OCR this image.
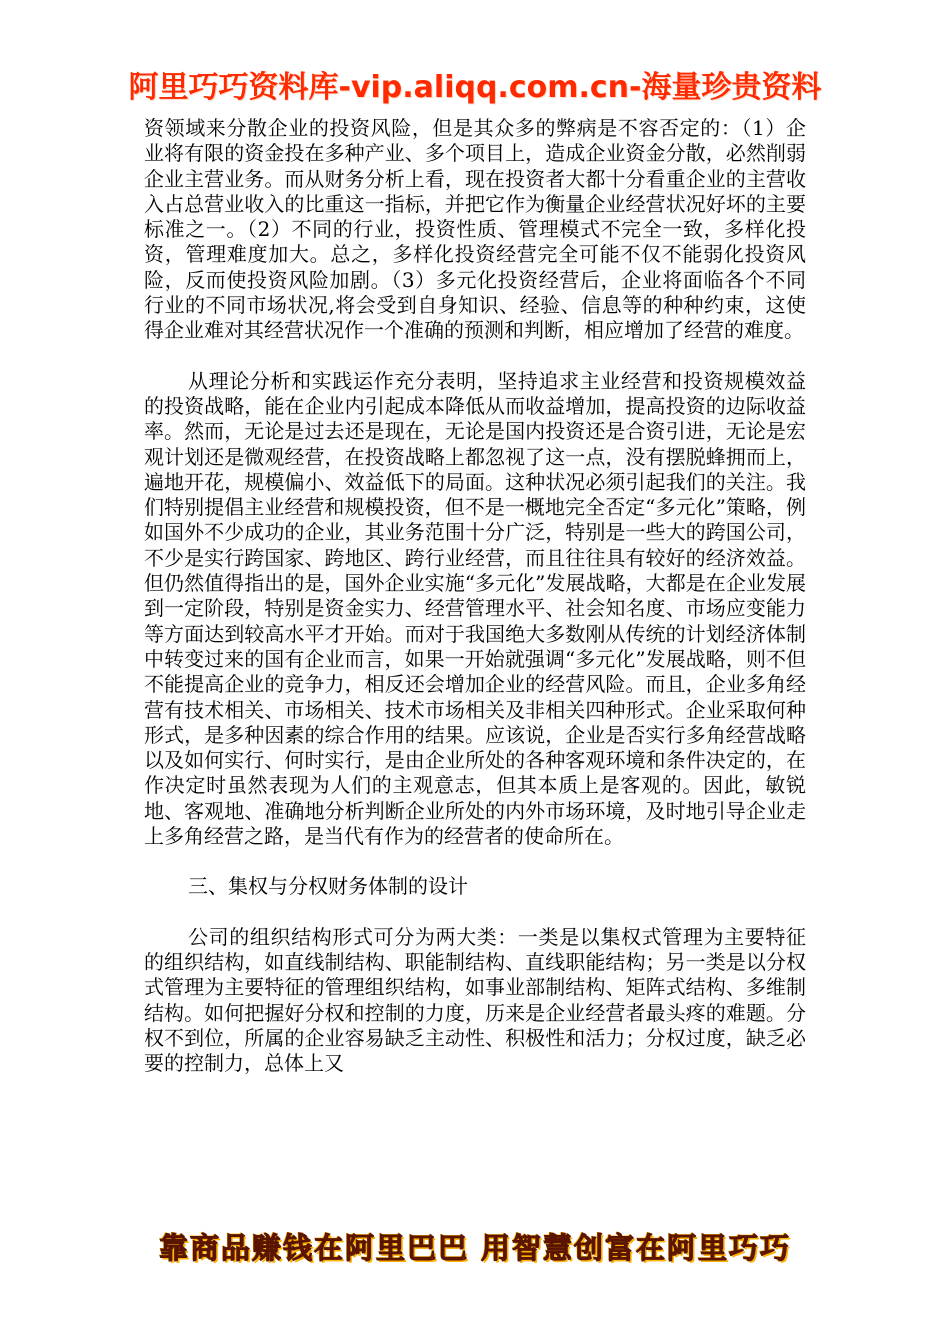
阿里巧巧资料库-vip.aliqq.com.cn-海量珍贵资料

资领域来分散企业的投资风险，但是其众多的弊病是不容否定的：（1）企业将有限的资金投在多种产业、多个项目上，造成企业资金分散，必然削弱企业主营业务。而从财务分析上看，现在投资者大都十分看重企业的主营收入占总营业收入的比重这一指标，并把它作为衡量企业经营状况好坏的主要标准之一。（2）不同的行业，投资性质、管理模式不完全一致，多样化投资，管理难度加大。总之，多样化投资经营完全可能不仅不能弱化投资风险，反而使投资风险加剧。（3）多元化投资经营后，企业将面临各个不同行业的不同市场状况,将会受到自身知识、经验、信息等的种种约束，这使得企业难对其经营状况作一个准确的预测和判断，相应增加了经营的难度。

从理论分析和实践运作充分表明，坚持追求主业经营和投资规模效益的投资战略，能在企业内引起成本降低从而收益增加，提高投资的边际收益率。然而，无论是过去还是现在，无论是国内投资还是合资引进，无论是宏观计划还是微观经营，在投资战略上都忽视了这一点，没有摆脱蜂拥而上，遍地开花，规模偏小、效益低下的局面。这种状况必须引起我们的关注。我们特别提倡主业经营和规模投资，但不是一概地完全否定“多元化”策略，例如国外不少成功的企业，其业务范围十分广泛，特别是一些大的跨国公司，不少是实行跨国家、跨地区、跨行业经营，而且往往具有较好的经济效益。但仍然值得指出的是，国外企业实施“多元化”发展战略，大都是在企业发展到一定阶段，特别是资金实力、经营管理水平、社会知名度、市场应变能力等方面达到较高水平才开始。而对于我国绝大多数刚从传统的计划经济体制中转变过来的国有企业而言，如果一开始就强调“多元化”发展战略，则不但不能提高企业的竞争力，相反还会增加企业的经营风险。而且，企业多角经营有技术相关、市场相关、技术市场相关及非相关四种形式。企业采取何种形式，是多种因素的综合作用的结果。应该说，企业是否实行多角经营战略以及如何实行、何时实行，是由企业所处的各种客观环境和条件决定的，在作决定时虽然表现为人们的主观意志，但其本质上是客观的。因此，敏锐地、客观地、准确地分析判断企业所处的内外市场环境，及时地引导企业走上多角经营之路，是当代有作为的经营者的使命所在。

三、集权与分权财务体制的设计

公司的组织结构形式可分为两大类：一类是以集权式管理为主要特征的组织结构，如直线制结构、职能制结构、直线职能结构；另一类是以分权式管理为主要特征的管理组织结构，如事业部制结构、矩阵式结构、多维制结构。如何把握好分权和控制的力度，历来是企业经营者最头疼的难题。分权不到位，所属的企业容易缺乏主动性、积极性和活力；分权过度，缺乏必要的控制力，总体上又

靠商品赚钱在阿里巴巴 用智慧创富在阿里巧巧
